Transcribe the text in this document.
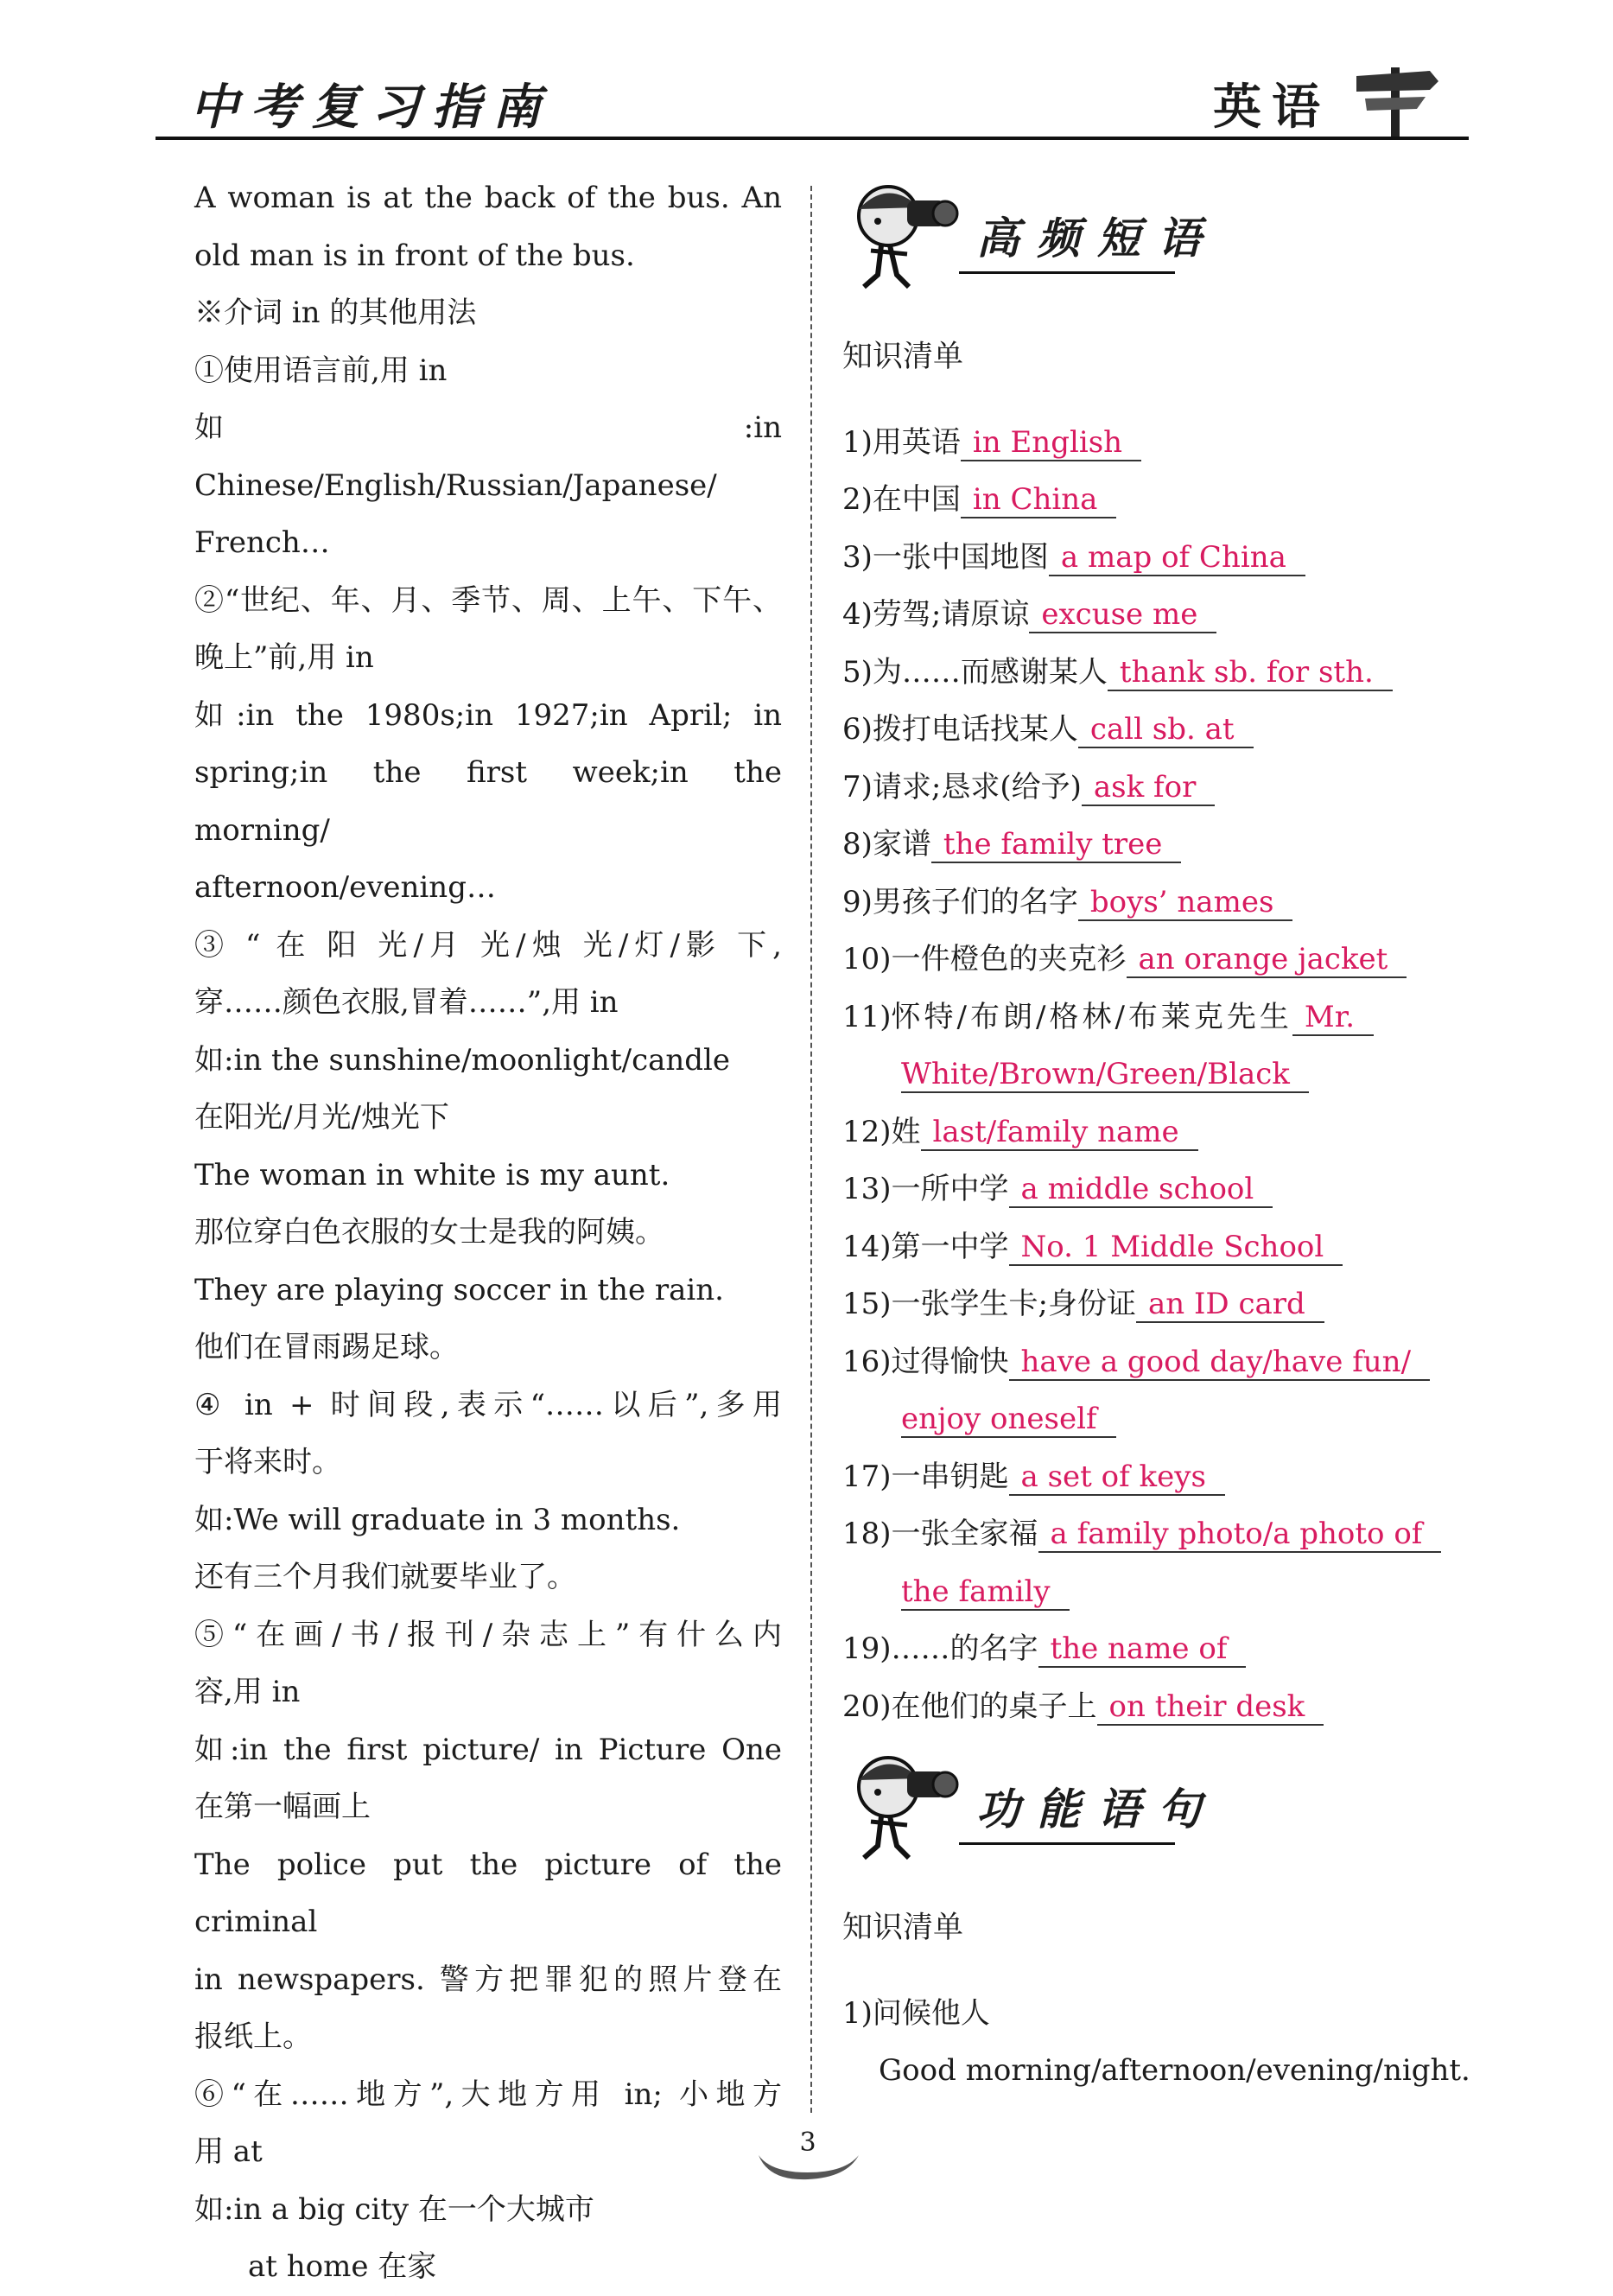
中考复习指南	英语
A woman is at the back of the bus. An
old man is in front of the bus.
※介词 in 的其他用法
①使用语言前,用 in
如:in Chinese/English/Russian/Japanese/
French…
②“世纪、年、月、季节、周、上午、下午、
晚上”前,用 in
如:in the 1980s;in 1927;in April; in
spring;in the first week;in the morning/
afternoon/evening…
③ “ 在 阳 光/月 光/烛 光/灯/影 下,
穿……颜色衣服,冒着……”,用 in
如:in the sunshine/moonlight/candle
在阳光/月光/烛光下
The woman in white is my aunt.
那位穿白色衣服的女士是我的阿姨。
They are playing soccer in the rain.
他们在冒雨踢足球。
④ in + 时间段,表示“……以后”,多用
于将来时。
如:We will graduate in 3 months.
还有三个月我们就要毕业了。
⑤“在画/书/报刊/杂志上”有什么内
容,用 in
如:in the first picture/ in Picture One
在第一幅画上
The police put the picture of the criminal
in newspapers. 警方把罪犯的照片登在
报纸上。
⑥“在……地方”,大地方用 in; 小地方
用 at
如:in a big city 在一个大城市
at home 在家
高频短语
知识清单
1)用英语 in English
2)在中国 in China
3)一张中国地图 a map of China
4)劳驾;请原谅 excuse me
5)为……而感谢某人 thank sb. for sth.
6)拨打电话找某人 call sb. at
7)请求;恳求(给予) ask for
8)家谱 the family tree
9)男孩子们的名字 boys’ names
10)一件橙色的夹克衫 an orange jacket
11)怀特/布朗/格林/布莱克先生 Mr.
White/Brown/Green/Black
12)姓 last/family name
13)一所中学 a middle school
14)第一中学 No. 1 Middle School
15)一张学生卡;身份证 an ID card
16)过得愉快 have a good day/have fun/
enjoy oneself
17)一串钥匙 a set of keys
18)一张全家福 a family photo/a photo of
the family
19)……的名字 the name of
20)在他们的桌子上 on their desk
功能语句
知识清单
1)问候他人
Good morning/afternoon/evening/night.
3
